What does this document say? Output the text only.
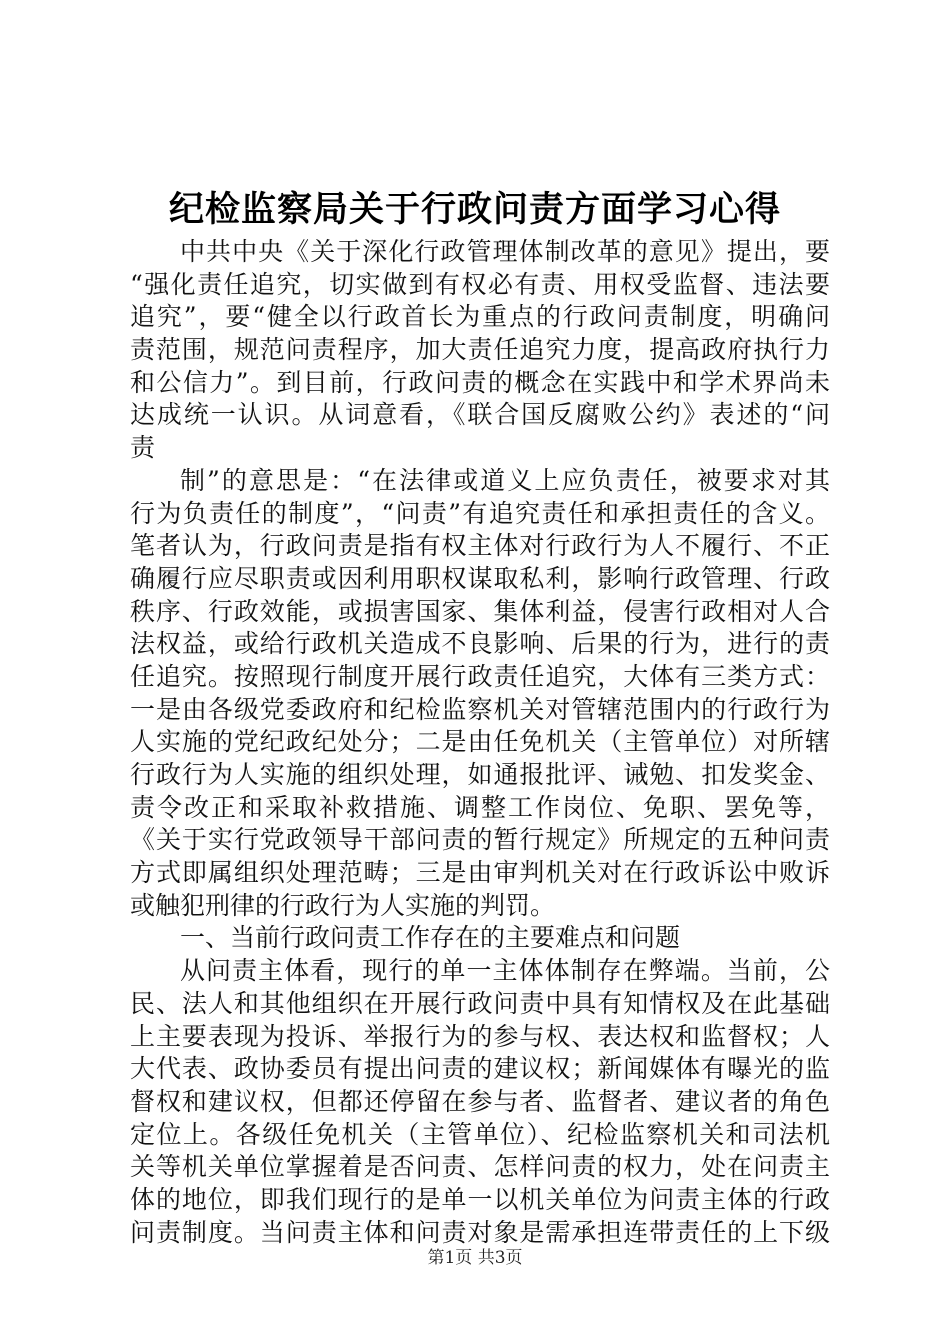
纪检监察局关于行政问责方面学习心得
中共中央《关于深化行政管理体制改革的意见》提出，要
“强化责任追究，切实做到有权必有责、用权受监督、违法要
追究”，要“健全以行政首长为重点的行政问责制度，明确问
责范围，规范问责程序，加大责任追究力度，提高政府执行力
和公信力”。到目前，行政问责的概念在实践中和学术界尚未
达成统一认识。从词意看，《联合国反腐败公约》表述的“问
责
制”的意思是：“在法律或道义上应负责任，被要求对其
行为负责任的制度”，“问责”有追究责任和承担责任的含义。
笔者认为，行政问责是指有权主体对行政行为人不履行、不正
确履行应尽职责或因利用职权谋取私利，影响行政管理、行政
秩序、行政效能，或损害国家、集体利益，侵害行政相对人合
法权益，或给行政机关造成不良影响、后果的行为，进行的责
任追究。按照现行制度开展行政责任追究，大体有三类方式：
一是由各级党委政府和纪检监察机关对管辖范围内的行政行为
人实施的党纪政纪处分；二是由任免机关（主管单位）对所辖
行政行为人实施的组织处理，如通报批评、诫勉、扣发奖金、
责令改正和采取补救措施、调整工作岗位、免职、罢免等，
《关于实行党政领导干部问责的暂行规定》所规定的五种问责
方式即属组织处理范畴；三是由审判机关对在行政诉讼中败诉
或触犯刑律的行政行为人实施的判罚。
一、当前行政问责工作存在的主要难点和问题
从问责主体看，现行的单一主体体制存在弊端。当前，公
民、法人和其他组织在开展行政问责中具有知情权及在此基础
上主要表现为投诉、举报行为的参与权、表达权和监督权；人
大代表、政协委员有提出问责的建议权；新闻媒体有曝光的监
督权和建议权，但都还停留在参与者、监督者、建议者的角色
定位上。各级任免机关（主管单位）、纪检监察机关和司法机
关等机关单位掌握着是否问责、怎样问责的权力，处在问责主
体的地位，即我们现行的是单一以机关单位为问责主体的行政
问责制度。当问责主体和问责对象是需承担连带责任的上下级
第1页 共3页
